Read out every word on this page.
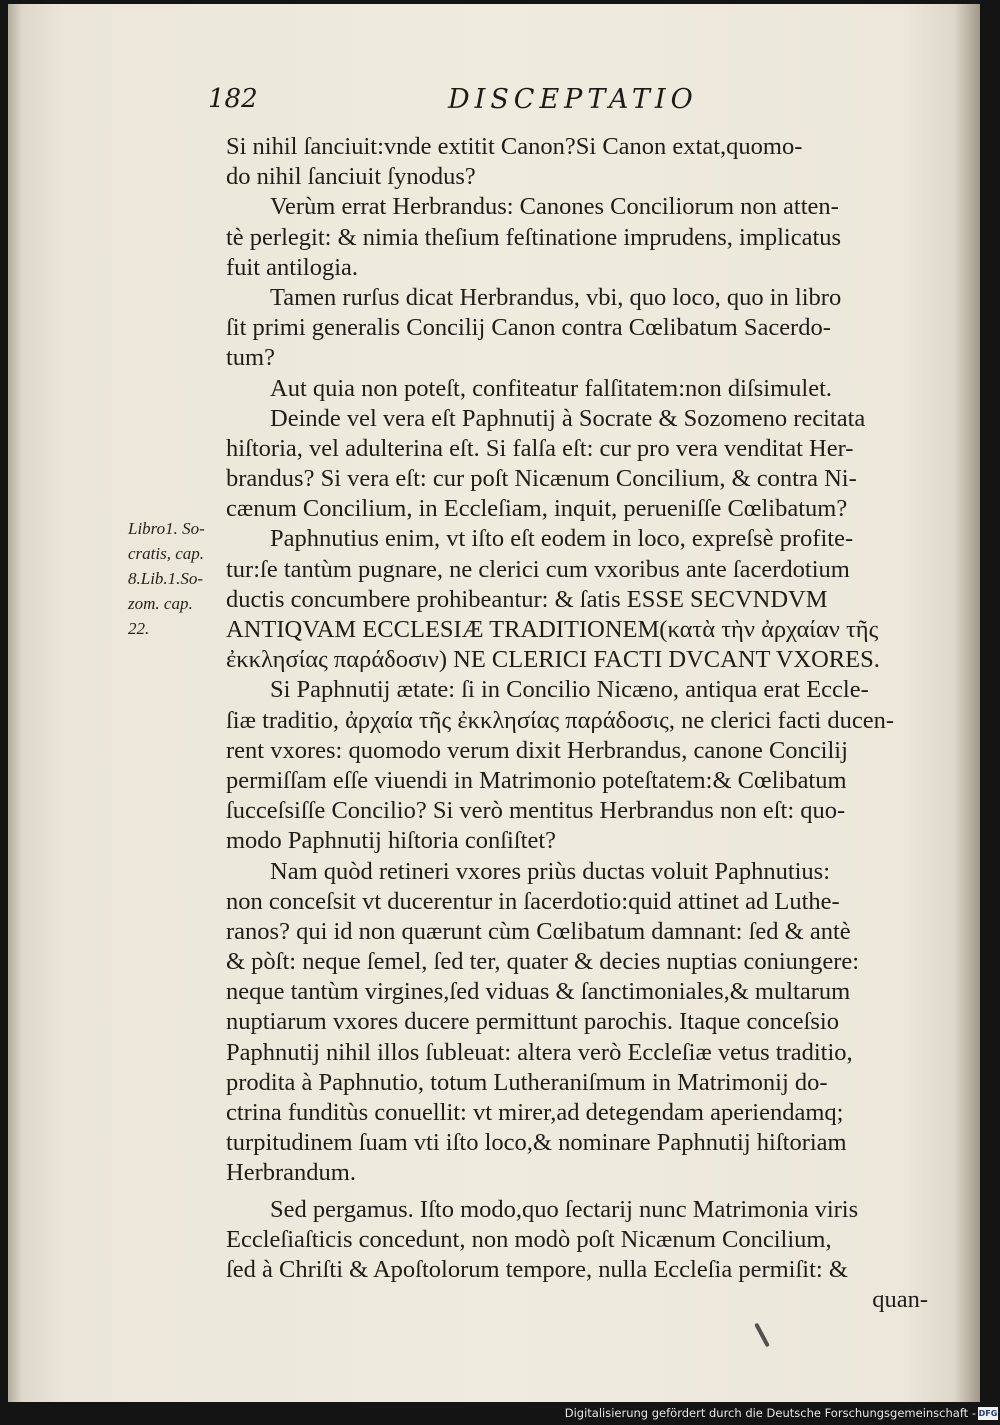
182	DISCEPTATIO
Libro1. So-
cratis, cap.
8.Lib.1.So-
zom. cap.
22.
Si nihil ſanciuit:vnde extitit Canon?Si Canon extat,quomo-
do nihil ſanciuit ſynodus?
Verùm errat Herbrandus: Canones Conciliorum non atten-
tè perlegit: & nimia theſium feſtinatione imprudens, implicatus
fuit antilogia.
Tamen rurſus dicat Herbrandus, vbi, quo loco, quo in libro
ſit primi generalis Concilij Canon contra Cœlibatum Sacerdo-
tum?
Aut quia non poteſt, confiteatur falſitatem:non diſsimulet.
Deinde vel vera eſt Paphnutij à Socrate & Sozomeno recitata
hiſtoria, vel adulterina eſt. Si falſa eſt: cur pro vera venditat Her-
brandus? Si vera eſt: cur poſt Nicænum Concilium, & contra Ni-
cænum Concilium, in Eccleſiam, inquit, perueniſſe Cœlibatum?
Paphnutius enim, vt iſto eſt eodem in loco, expreſsè profite-
tur:ſe tantùm pugnare, ne clerici cum vxoribus ante ſacerdotium
ductis concumbere prohibeantur: & ſatis ESSE SECVNDVM
ANTIQVAM ECCLESIÆ TRADITIONEM(κατὰ τὴν ἀρχαίαν τῆς
ἐκκλησίας παράδοσιν) NE CLERICI FACTI DVCANT VXORES.
Si Paphnutij ætate: ſi in Concilio Nicæno, antiqua erat Eccle-
ſiæ traditio, ἀρχαία τῆς ἐκκλησίας παράδοσις, ne clerici facti ducen-
rent vxores: quomodo verum dixit Herbrandus, canone Concilij
permiſſam eſſe viuendi in Matrimonio poteſtatem:& Cœlibatum
ſucceſsiſſe Concilio? Si verò mentitus Herbrandus non eſt: quo-
modo Paphnutij hiſtoria conſiſtet?
Nam quòd retineri vxores priùs ductas voluit Paphnutius:
non conceſsit vt ducerentur in ſacerdotio:quid attinet ad Luthe-
ranos? qui id non quærunt cùm Cœlibatum damnant: ſed & antè
& pòſt: neque ſemel, ſed ter, quater & decies nuptias coniungere:
neque tantùm virgines,ſed viduas & ſanctimoniales,& multarum
nuptiarum vxores ducere permittunt parochis. Itaque conceſsio
Paphnutij nihil illos ſubleuat: altera verò Eccleſiæ vetus traditio,
prodita à Paphnutio, totum Lutheraniſmum in Matrimonij do-
ctrina funditùs conuellit: vt mirer,ad detegendam aperiendamq;
turpitudinem ſuam vti iſto loco,& nominare Paphnutij hiſtoriam
Herbrandum.
Sed pergamus. Iſto modo,quo ſectarij nunc Matrimonia viris
Eccleſiaſticis concedunt, non modò poſt Nicænum Concilium,
ſed à Chriſti & Apoſtolorum tempore, nulla Eccleſia permiſit: &
quan-
Digitalisierung gefördert durch die Deutsche Forschungsgemeinschaft - DFG
